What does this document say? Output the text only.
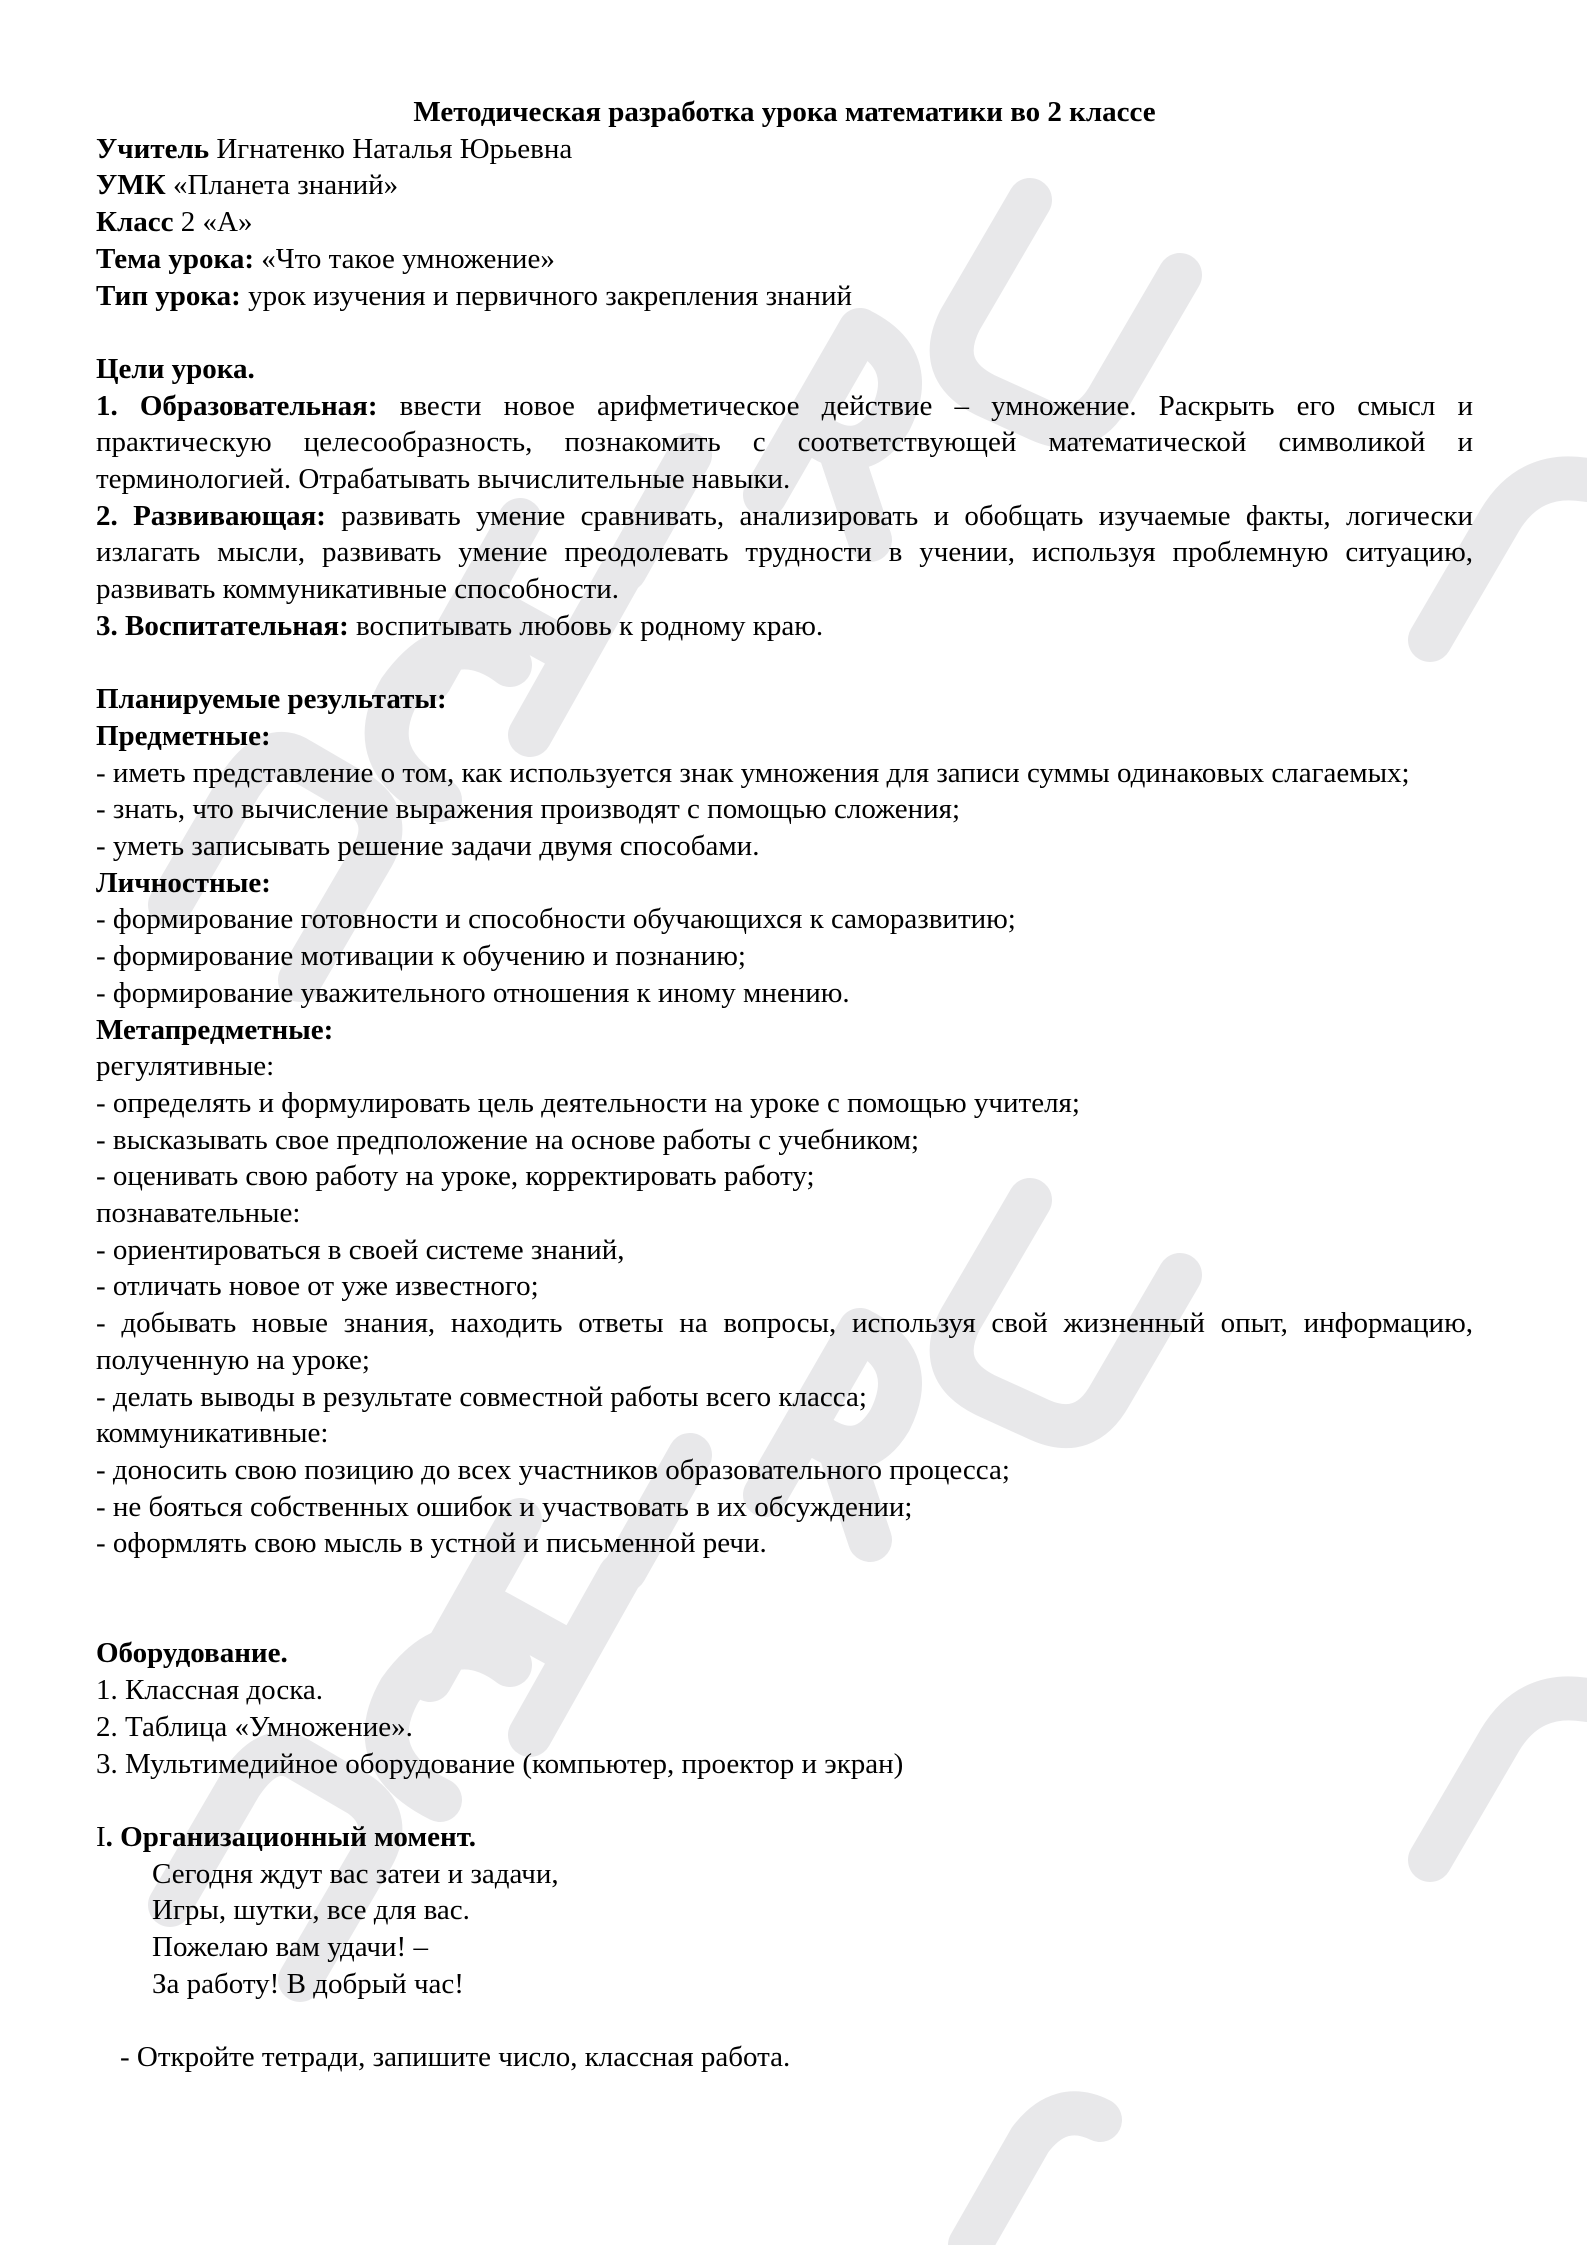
Методическая разработка урока математики во 2 классе

Учитель Игнатенко Наталья Юрьевна

УМК «Планета знаний»

Класс 2 «А»

Тема урока: «Что такое умножение»

Тип урока: урок изучения и первичного закрепления знаний

Цели урока.

1. Образовательная: ввести новое арифметическое действие – умножение. Раскрыть его смысл и практическую целесообразность, познакомить с соответствующей математической символикой и терминологией. Отрабатывать вычислительные навыки.

2. Развивающая: развивать умение сравнивать, анализировать и обобщать изучаемые факты, логически излагать мысли, развивать умение преодолевать трудности в учении, используя проблемную ситуацию, развивать коммуникативные способности.

3. Воспитательная: воспитывать любовь к родному краю.

Планируемые результаты:

Предметные:

- иметь представление о том, как используется знак умножения для записи суммы одинаковых слагаемых;

- знать, что вычисление выражения производят с помощью сложения;

- уметь записывать решение задачи двумя способами.

Личностные:

- формирование готовности и способности обучающихся к саморазвитию;

- формирование мотивации к обучению и познанию;

- формирование уважительного отношения к иному мнению.

Метапредметные:

регулятивные:

- определять и формулировать цель деятельности на уроке с помощью учителя;

- высказывать свое предположение на основе работы с учебником;

- оценивать свою работу на уроке, корректировать работу;

познавательные:

- ориентироваться в своей системе знаний,

- отличать новое от уже известного;

- добывать новые знания, находить ответы на вопросы, используя свой жизненный опыт, информацию, полученную на уроке;

- делать выводы в результате совместной работы всего класса;

коммуникативные:

- доносить свою позицию до всех участников образовательного процесса;

- не бояться собственных ошибок и участвовать в их обсуждении;

- оформлять свою мысль в устной и письменной речи.

Оборудование.

1. Классная доска.

2. Таблица «Умножение».

3. Мультимедийное оборудование (компьютер, проектор и экран)

I. Организационный момент.

Сегодня ждут вас затеи и задачи,

Игры, шутки, все для вас.

Пожелаю вам удачи! –

За работу! В добрый час!

- Откройте тетради, запишите число, классная работа.
